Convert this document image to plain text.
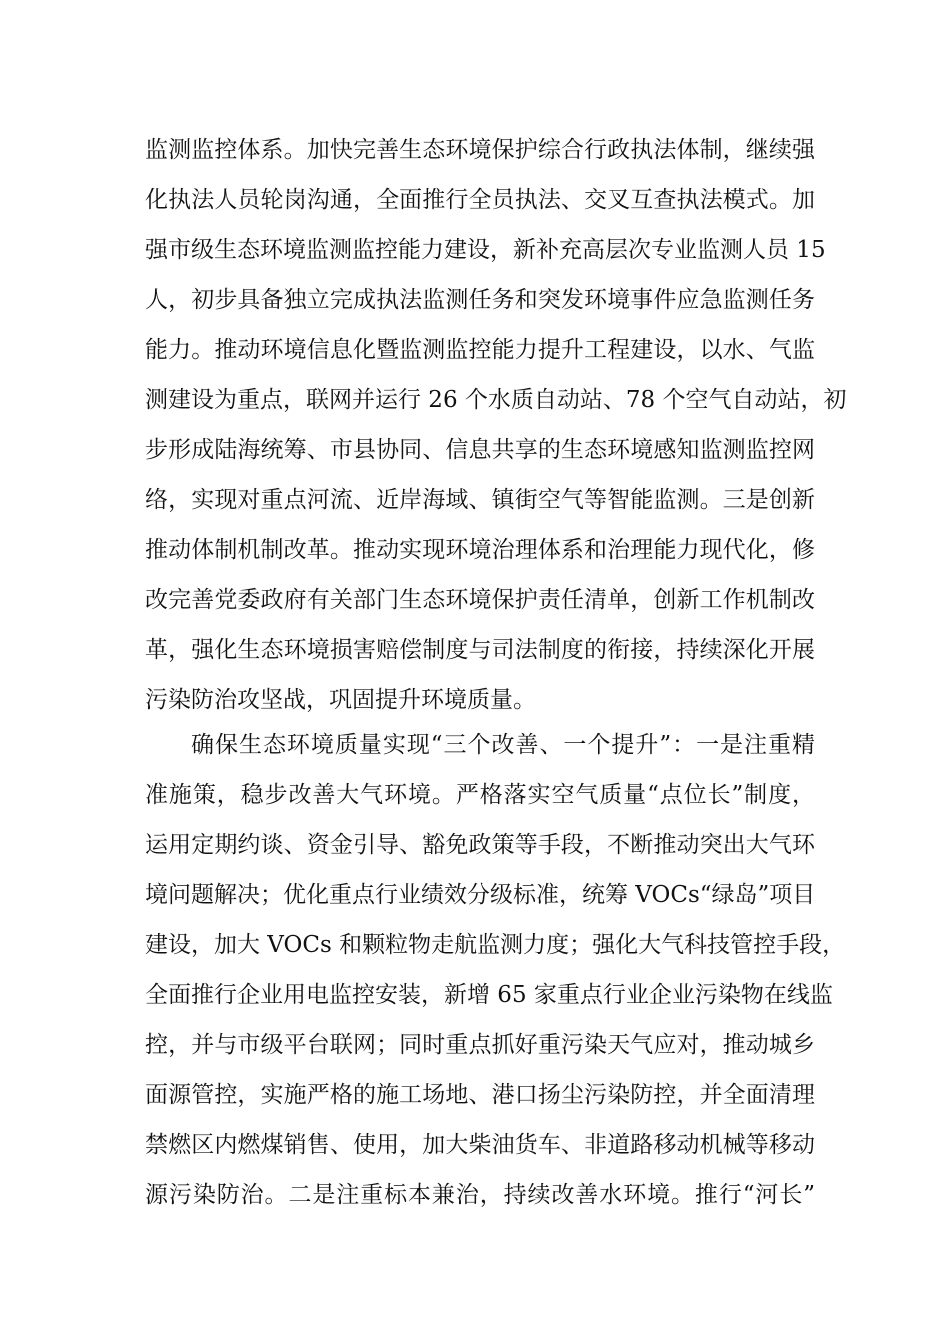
监测监控体系。加快完善生态环境保护综合行政执法体制，继续强
化执法人员轮岗沟通，全面推行全员执法、交叉互查执法模式。加
强市级生态环境监测监控能力建设，新补充高层次专业监测人员 15
人，初步具备独立完成执法监测任务和突发环境事件应急监测任务
能力。推动环境信息化暨监测监控能力提升工程建设，以水、气监
测建设为重点，联网并运行 26 个水质自动站、78 个空气自动站，初
步形成陆海统筹、市县协同、信息共享的生态环境感知监测监控网
络，实现对重点河流、近岸海域、镇街空气等智能监测。三是创新
推动体制机制改革。推动实现环境治理体系和治理能力现代化，修
改完善党委政府有关部门生态环境保护责任清单，创新工作机制改
革，强化生态环境损害赔偿制度与司法制度的衔接，持续深化开展
污染防治攻坚战，巩固提升环境质量。
确保生态环境质量实现“三个改善、一个提升”：一是注重精
准施策，稳步改善大气环境。严格落实空气质量“点位长”制度，
运用定期约谈、资金引导、豁免政策等手段，不断推动突出大气环
境问题解决；优化重点行业绩效分级标准，统筹 VOCs“绿岛”项目
建设，加大 VOCs 和颗粒物走航监测力度；强化大气科技管控手段，
全面推行企业用电监控安装，新增 65 家重点行业企业污染物在线监
控，并与市级平台联网；同时重点抓好重污染天气应对，推动城乡
面源管控，实施严格的施工场地、港口扬尘污染防控，并全面清理
禁燃区内燃煤销售、使用，加大柴油货车、非道路移动机械等移动
源污染防治。二是注重标本兼治，持续改善水环境。推行“河长”
